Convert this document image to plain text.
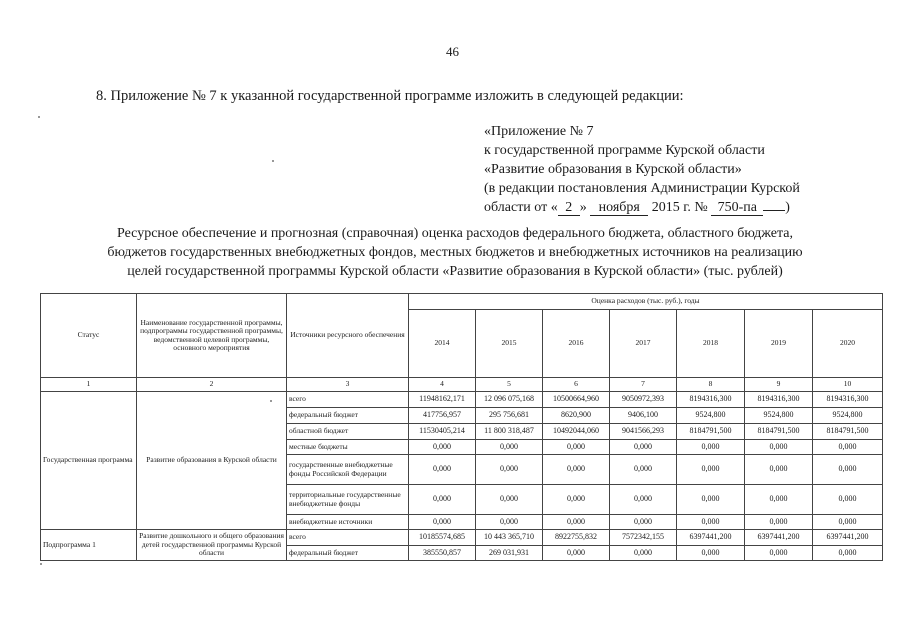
46
8. Приложение № 7 к указанной государственной программе изложить в следующей редакции:
«Приложение № 7
к государственной программе Курской области
«Развитие образования в Курской области»
(в редакции постановления Администрации Курской
области от « 2 » ноября 2015 г. № 750-па )
Ресурсное обеспечение и прогнозная (справочная) оценка расходов федерального бюджета, областного бюджета,
бюджетов государственных внебюджетных фондов, местных бюджетов и внебюджетных источников на реализацию
целей государственной программы Курской области «Развитие образования в Курской области» (тыс. рублей)
Статус	Наименование государственной программы, подпрограммы государственной программы, ведомственной целевой программы, основного мероприятия	Источники ресурсного обеспечения	Оценка расходов (тыс. руб.), годы						
			2014	2015	2016	2017	2018	2019	2020
1	2	3	4	5	6	7	8	9	10
Государственная программа	Развитие образования в Курской области	всего	11948162,171	12 096 075,168	10500664,960	9050972,393	8194316,300	8194316,300	8194316,300
		федеральный бюджет	417756,957	295 756,681	8620,900	9406,100	9524,800	9524,800	9524,800
		областной бюджет	11530405,214	11 800 318,487	10492044,060	9041566,293	8184791,500	8184791,500	8184791,500
		местные бюджеты	0,000	0,000	0,000	0,000	0,000	0,000	0,000
		государственные внебюджетные фонды Российской Федерации	0,000	0,000	0,000	0,000	0,000	0,000	0,000
		территориальные государственные внебюджетные фонды	0,000	0,000	0,000	0,000	0,000	0,000	0,000
		внебюджетные источники	0,000	0,000	0,000	0,000	0,000	0,000	0,000
Подпрограмма 1	Развитие дошкольного и общего образования детей государственной программы Курской области	всего	10185574,685	10 443 365,710	8922755,832	7572342,155	6397441,200	6397441,200	6397441,200
		федеральный бюджет	385550,857	269 031,931	0,000	0,000	0,000	0,000	0,000
